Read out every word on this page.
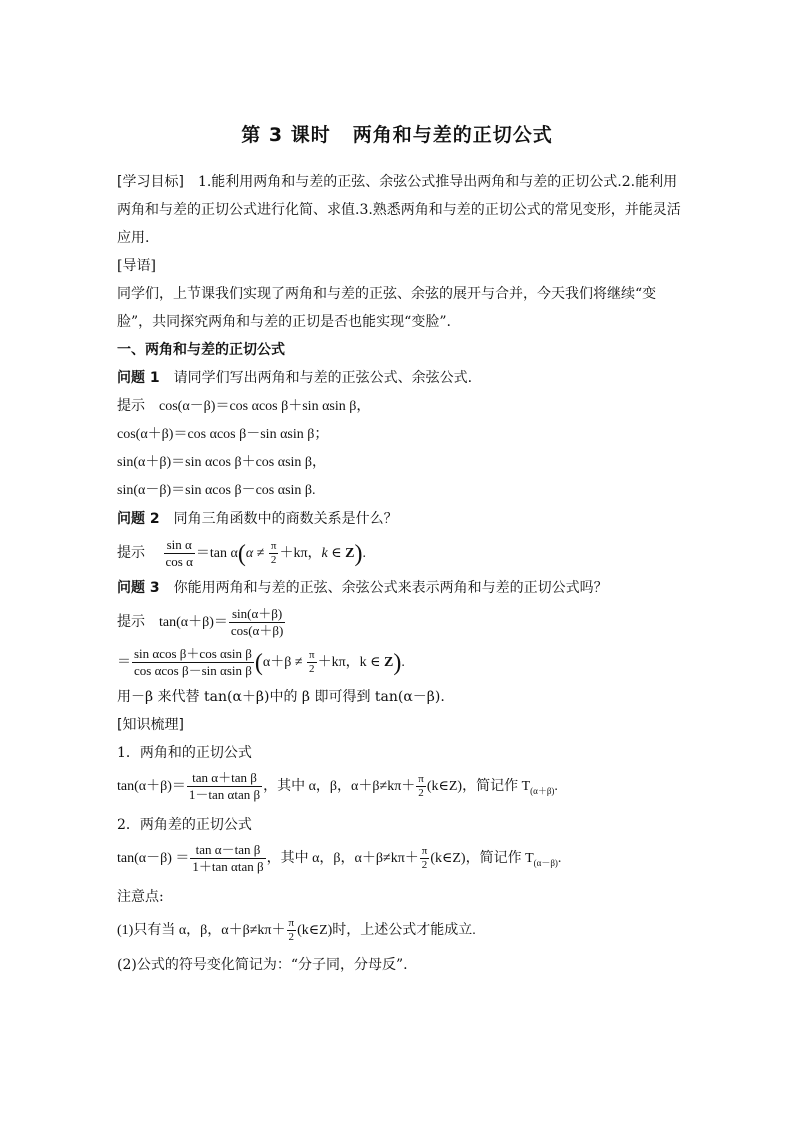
第 3 课时 两角和与差的正切公式

[学习目标] 1.能利用两角和与差的正弦、余弦公式推导出两角和与差的正切公式.2.能利用两角和与差的正切公式进行化简、求值.3.熟悉两角和与差的正切公式的常见变形，并能灵活应用.

[导语]

同学们，上节课我们实现了两角和与差的正弦、余弦的展开与合并，今天我们将继续“变脸”，共同探究两角和与差的正切是否也能实现“变脸”.

一、两角和与差的正切公式

问题 1 请同学们写出两角和与差的正弦公式、余弦公式.

提示 cos(α－β)＝cos αcos β＋sin αsin β，

cos(α＋β)＝cos αcos β－sin αsin β；

sin(α＋β)＝sin αcos β＋cos αsin β，

sin(α－β)＝sin αcos β－cos αsin β.

问题 2 同角三角函数中的商数关系是什么？

提示 $\frac{\text{sin α}}{\text{cos α}} =\tan$ $\alpha(\alpha \ne \frac{\pi}{2} +k\pi$，k ∈ Z).

问题 3 你能用两角和与差的正弦、余弦公式来表示两角和与差的正切公式吗？

提示 $\tan(\alpha+\beta)= \frac{\sin(\alpha+\beta)}{\cos(\alpha+\beta)}$

＝ $\frac{\text{sin αcos β＋cos αsin β}}{\text{cos αcos β－sin αsin β}} (\alpha+\beta \ne \frac{\pi}{2} +k\pi$，k ∈ Z).

用－β 来代替 tan(α＋β)中的 β 即可得到 tan(α－β).

[知识梳理]

1．两角和的正切公式

$\tan(\alpha+\beta)= \frac{\text{tan α＋tan β}}{\text{1－tan αtan β}}$ ，其中 α，β，$\alpha+\beta\ne k\pi+ \frac{\pi}{2}$ (k∈Z)，简记作 $T_{(\alpha+\beta)}$.

2．两角差的正切公式

$\tan(\alpha-\beta) = \frac{\text{tan α－tan β}}{\text{1＋tan αtan β}}$ ，其中 α，β，$\alpha+\beta\ne k\pi+ \frac{\pi}{2}$ (k∈Z)，简记作 $T_{(\alpha-\beta)}$.

注意点:

(1)只有当 α，β，$\alpha+\beta\ne k\pi+ \frac{\pi}{2}$ (k∈Z)时，上述公式才能成立.

(2)公式的符号变化简记为：“分子同，分母反”.
